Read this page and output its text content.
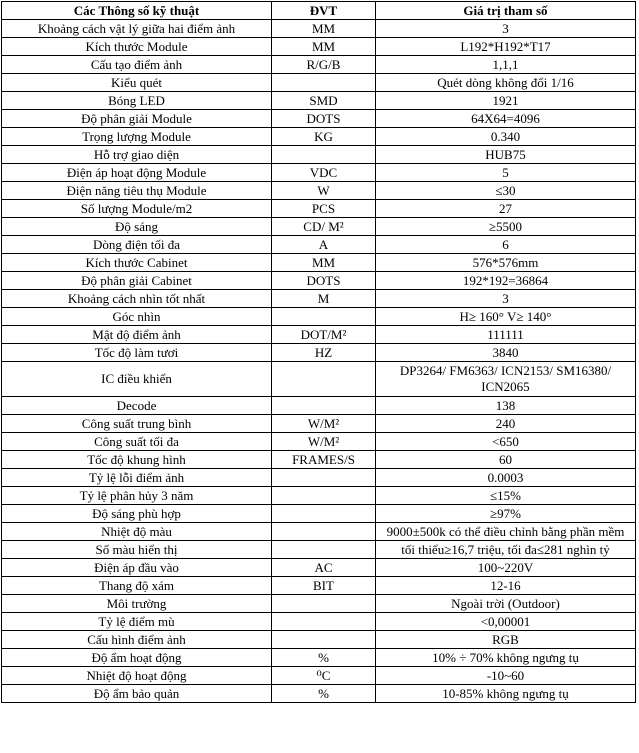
Các Thông số kỹ thuật	ĐVT	Giá trị tham số
Khoảng cách vật lý giữa hai điểm ảnh	MM	3
Kích thước Module	MM	L192*H192*T17
Cấu tạo điểm ảnh	R/G/B	1,1,1
Kiểu quét		Quét dòng không đổi 1/16
Bóng LED	SMD	1921
Độ phân giải Module	DOTS	64X64=4096
Trọng lượng Module	KG	0.340
Hỗ trợ giao diện		HUB75
Điện áp hoạt động Module	VDC	5
Điện năng tiêu thụ Module	W	≤30
Số lượng Module/m2	PCS	27
Độ sáng	CD/ M²	≥5500
Dòng điện tối đa	A	6
Kích thước Cabinet	MM	576*576mm
Độ phân giải Cabinet	DOTS	192*192=36864
Khoảng cách nhìn tốt nhất	M	3
Góc nhìn		H≥ 160° V≥ 140°
Mật độ điểm ảnh	DOT/M²	111111
Tốc độ làm tươi	HZ	3840
IC điều khiển		DP3264/ FM6363/ ICN2153/ SM16380/ ICN2065
Decode		138
Công suất trung bình	W/M²	240
Công suất tối đa	W/M²	<650
Tốc độ khung hình	FRAMES/S	60
Tỷ lệ lỗi điểm ảnh		0.0003
Tỷ lệ phân hủy 3 năm		≤15%
Độ sáng phù hợp		≥97%
Nhiệt độ màu		9000±500k có thể điều chỉnh bằng phần mềm
Số màu hiển thị		tối thiểu≥16,7 triệu, tối đa≤281 nghìn tỷ
Điện áp đầu vào	AC	100~220V
Thang độ xám	BIT	12-16
Môi trường		Ngoài trời (Outdoor)
Tỷ lệ điểm mù		<0,00001
Cấu hình điểm ảnh		RGB
Độ ẩm hoạt động	%	10% ÷ 70% không ngưng tụ
Nhiệt độ hoạt động	⁰C	-10~60
Độ ẩm bảo quản	%	10-85% không ngưng tụ
